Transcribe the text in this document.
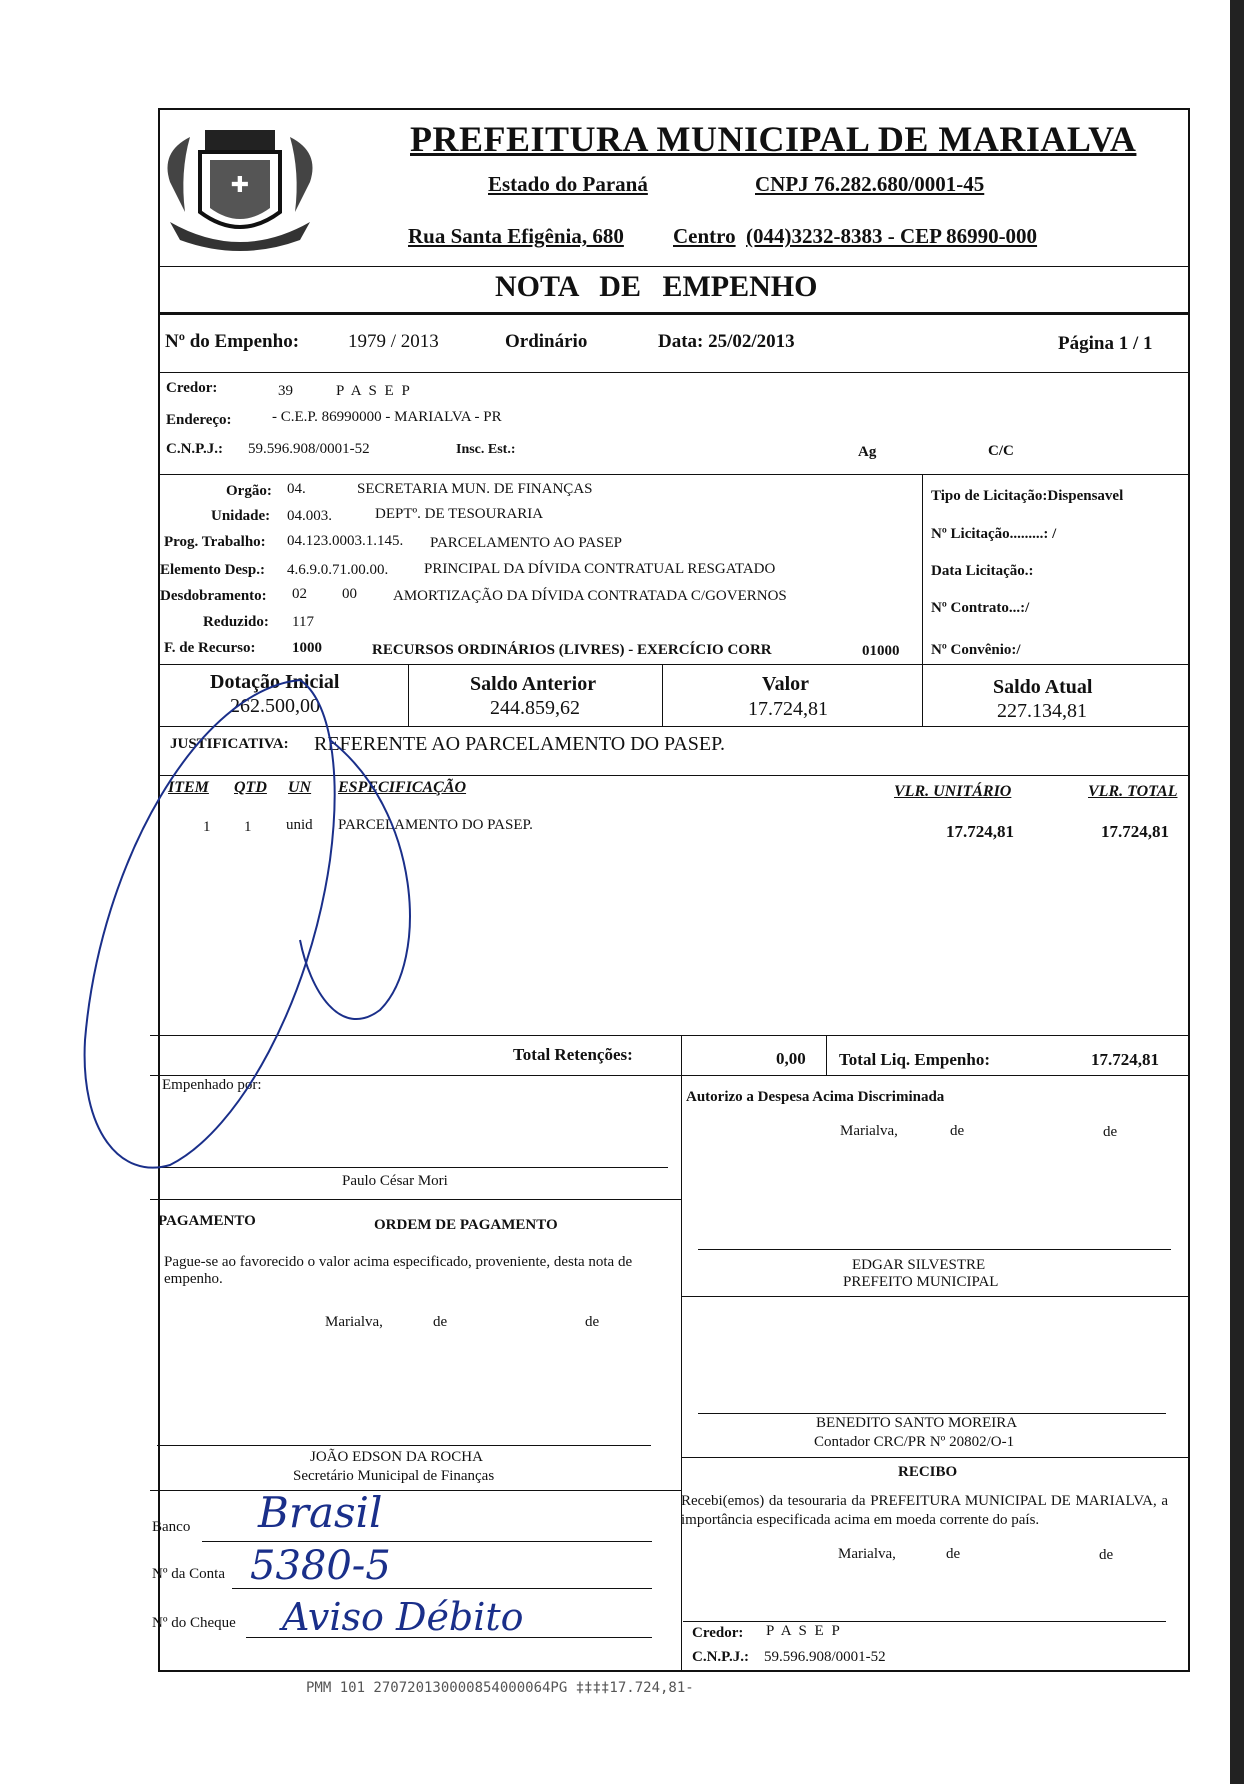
✚
PREFEITURA MUNICIPAL DE MARIALVA
Estado do Paraná	CNPJ 76.282.680/0001-45
Rua Santa Efigênia, 680 Centro (044)3232-8383 - CEP 86990-000
NOTA DE EMPENHO
Nº do Empenho:	1979 / 2013	Ordinário	Data: 25/02/2013	Página 1 / 1
Credor:	39	P A S E P
Endereço:	- C.E.P. 86990000 - MARIALVA - PR
C.N.P.J.: 59.596.908/0001-52	Insc. Est.:	Ag	C/C
Orgão: 04.	SECRETARIA MUN. DE FINANÇAS
Unidade: 04.003.	DEPTº. DE TESOURARIA
Prog. Trabalho: 04.123.0003.1.145. PARCELAMENTO AO PASEP
Elemento Desp.: 4.6.9.0.71.00.00. PRINCIPAL DA DÍVIDA CONTRATUAL RESGATADO
Desdobramento: 02 00 AMORTIZAÇÃO DA DÍVIDA CONTRATADA C/GOVERNOS
Reduzido: 117
F. de Recurso: 1000	RECURSOS ORDINÁRIOS (LIVRES) - EXERCÍCIO CORR	01000
Tipo de Licitação:Dispensavel
Nº Licitação.........: /
Data Licitação.:
Nº Contrato...:/
Nº Convênio:/
Dotação Inicial
262.500,00
Saldo Anterior
244.859,62
Valor
17.724,81
Saldo Atual
227.134,81
JUSTIFICATIVA: REFERENTE AO PARCELAMENTO DO PASEP.
ITEM QTD UN ESPECIFICAÇÃO	VLR. UNITÁRIO	VLR. TOTAL
1 1 unid PARCELAMENTO DO PASEP.	17.724,81	17.724,81
Total Retenções:	0,00 Total Liq. Empenho:	17.724,81
Empenhado por:
Paulo César Mori
Autorizo a Despesa Acima Discriminada
Marialva,	de	de
EDGAR SILVESTRE
PREFEITO MUNICIPAL
PAGAMENTO	ORDEM DE PAGAMENTO
Pague-se ao favorecido o valor acima especificado, proveniente, desta nota de empenho.
Marialva,	de	de
JOÃO EDSON DA ROCHA
Secretário Municipal de Finanças
BENEDITO SANTO MOREIRA
Contador CRC/PR Nº 20802/O-1
RECIBO
Recebi(emos) da tesouraria da PREFEITURA MUNICIPAL DE MARIALVA, a importância especificada acima em moeda corrente do país.
Marialva,	de	de
Credor: P A S E P
C.N.P.J.: 59.596.908/0001-52
Banco Brasil
Nº da Conta 5380-5
Nº do Cheque Aviso Débito
PMM 101 270720130000854000064PG ‡‡‡‡17.724,81-
